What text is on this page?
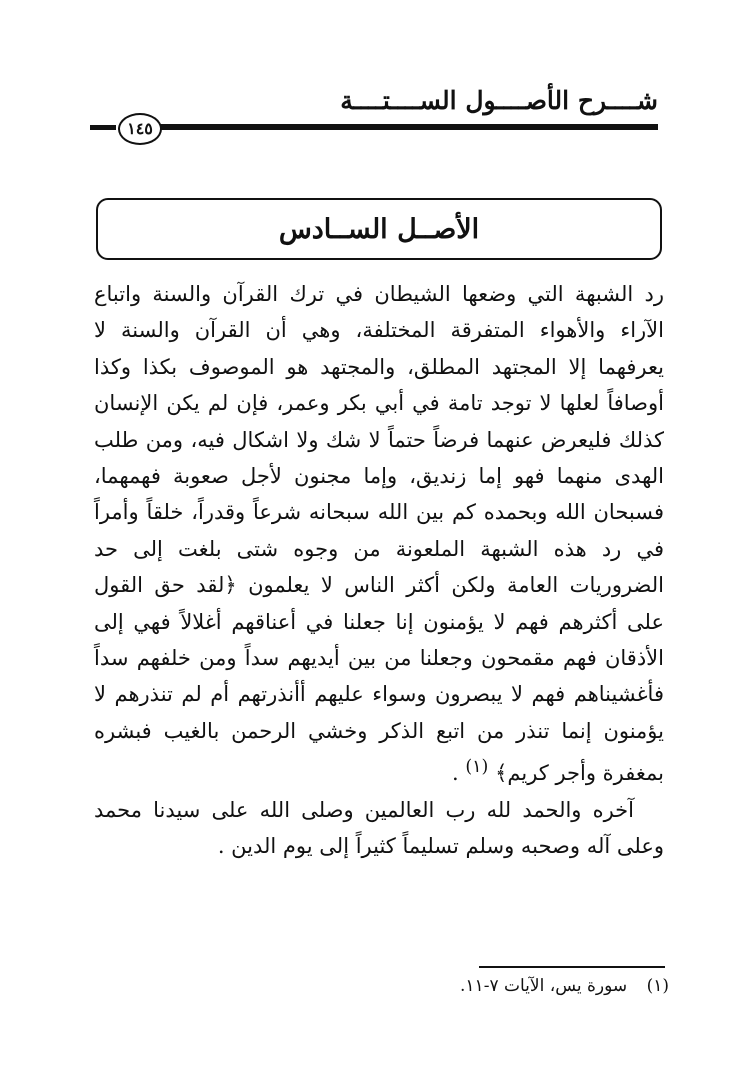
شــــرح الأصــــول الســــتــــة
١٤٥
الأصــل الســادس

رد الشبهة التي وضعها الشيطان في ترك القرآن والسنة واتباع الآراء والأهواء المتفرقة المختلفة، وهي أن القرآن والسنة لا يعرفهما إلا المجتهد المطلق، والمجتهد هو الموصوف بكذا وكذا أوصافاً لعلها لا توجد تامة في أبي بكر وعمر، فإن لم يكن الإنسان كذلك فليعرض عنهما فرضاً حتماً لا شك ولا اشكال فيه، ومن طلب الهدى منهما فهو إما زنديق، وإما مجنون لأجل صعوبة فهمهما، فسبحان الله وبحمده كم بين الله سبحانه شرعاً وقدراً، خلقاً وأمراً في رد هذه الشبهة الملعونة من وجوه شتى بلغت إلى حد الضروريات العامة ولكن أكثر الناس لا يعلمون ﴿لقد حق القول على أكثرهم فهم لا يؤمنون إنا جعلنا في أعناقهم أغلالاً فهي إلى الأذقان فهم مقمحون وجعلنا من بين أيديهم سداً ومن خلفهم سداً فأغشيناهم فهم لا يبصرون وسواء عليهم أأنذرتهم أم لم تنذرهم لا يؤمنون إنما تنذر من اتبع الذكر وخشي الرحمن بالغيب فبشره بمغفرة وأجر كريم﴾ $^{(١)}$ .

آخره والحمد لله رب العالمين وصلى الله على سيدنا محمد وعلى آله وصحبه وسلم تسليماً كثيراً إلى يوم الدين .

(١) سورة يس، الآيات ٧-١١.
